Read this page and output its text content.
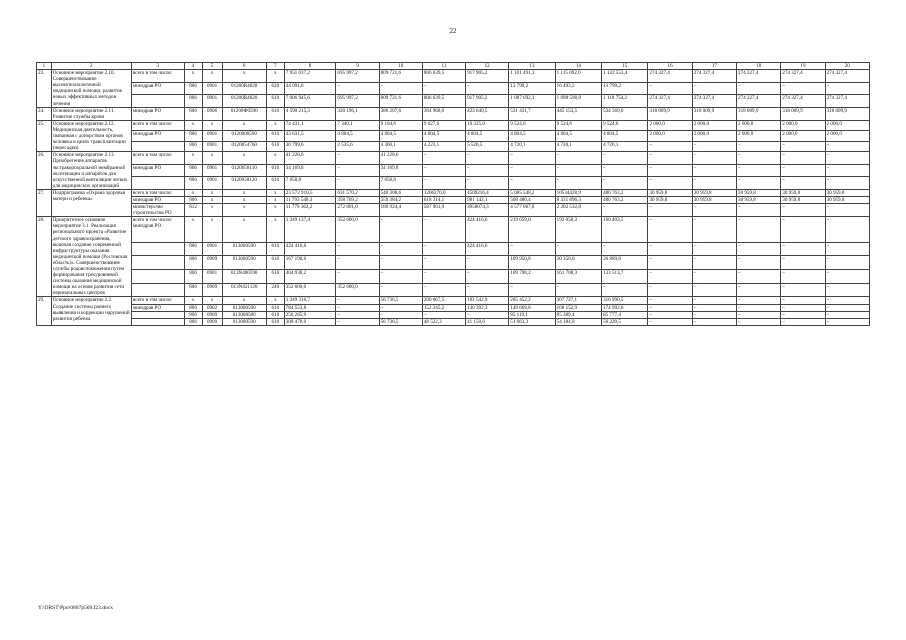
22
1	2	3	4	5	6	7	8	9	10	11	12	13	14	15	16	17	18	19	20
23.	Основное мероприятие 2.10. Совершенствование высокотехнологичной медицинской помощи, развитие новых эффективных методов лечения	всего в том числе:	х	х	х	х	7 951 037,2	695 997,2	809 721,6	806 639,5	917 905,2	1 101 491,3	1 115 092,0	1 132 553,4	274 327,4	274 327,4	274 327,4	274 327,4	274 327,4
		минздрав РО	806	0901	01200R4020	620	44 091,6	–	–	–	–	13 799,2	16 493,2	13 799,2	–	–	–	–	–
			806	0901	01200R4020	610	7 906 945,6	695 997,2	809 721,6	806 639,5	917 905,2	1 087 692,1	1 098 598,8	1 118 754,2	274 327,4	274 327,4	274 327,4	274 327,4	274 327,4
24.	Основное мероприятие 2.11. Развитие службы крови	минздрав РО	806	0906	01200Ф0590	610	4 590 215,3	320 196,1	386 207,6	364 968,0	423 640,5	531 431,7	445 153,5	534 569,0	318 009,9	318 009,9	318 009,9	318 009,9	318 009,9
25.	Основное мероприятие 2.12. Медицинская деятельность, связанная с донорством органов человека в целях трансплантации (пересадки)	всего в том числе:	х	х	х	х	74 431,1	7 340,1	9 164,6	9 027,6	10 325,0	9 524,6	9 524,6	9 524,6	2 000,0	2 000,0	2 000,0	2 000,0	2 000,0
		минздрав РО	806	0901	0120000590	610	43 631,5	4 804,5	4 804,5	4 804,5	4 804,5	4 804,5	4 804,5	4 804,5	2 000,0	2 000,0	2 000,0	2 000,0	2 000,0
			806	0901	0120054760	610	30 799,6	2 535,6	4 360,1	4 223,1	5 520,5	4 720,1	4 720,1	4 720,1	–	–	–	–	–
26.	Основное мероприятие 2.13. Приобретение аппаратов экстракорпоральной мембранной оксигенации и аппаратов для искусственной вентиляции легких для медицинских организаций	всего в том числе:	х	х	х	х	41 228,6	–	41 228,6	–	–	–	–	–	–	–	–	–	–
		минздрав РО	806	0901	0120058110	610	34 169,8	–	34 169,8	–	–	–	–	–	–	–	–	–	–
			806	0901	0120058120	610	7 058,8	–	7 058,8	–	–	–	–	–	–	–	–	–	–
27.	Подпрограмма «Охрана здоровья матери и ребенка»	всего в том числе:	х	х	х	х	23 572 910,5	631 570,2	540 308,6	1206270,0	4509216,4	5 085 548,2	10534428,9	480 763,2	30 959,8	30 959,8	30 959,8	30 959,8	30 959,8
		минздрав РО	806	х	х	х	11 793 548,3	358 769,2	359 384,2	618 314,1	981 142,1	508 480,4	8 331 896,3	480 763,2	30 959,8	30 959,8	30 959,8	30 959,8	30 959,8
		министерство строительства РО	812	х	х	х	11 779 362,2	272 801,0	180 924,4	587 961,9	3958074,3	4 577 067,8	2 202 532,8	–	–	–	–	–	–
28.	Приоритетное основное мероприятие 3.1. Реализация регионального проекта «Развитие детского здравоохранения, включая создание современной инфраструктуры оказания медицинской помощи (Ростовская область)». Совершенствование службы родовспоможения путем формирования трехуровневой системы оказания медицинской помощи на основе развития сети перинатальных центров	всего в том числе: минздрав РО	х	х	х	х	1 349 137,4	352 600,0	–	–	424 416,6	219 659,0	192 058,3	160 403,5	–	–	–	–	–
			806	0901	013000590	610	424 416,6	–	–	–	424 416,6	–	–	–	–	–	–	–	–
			806	0909	013000590	610	167 190,6	–	–	–	–	109 950,8	30 350,0	26 889,8	–	–	–	–	–
			806	0901	013N400590	610	404 930,2	–	–	–	–	109 708,2	161 708,3	133 513,7	–	–	–	–	–
			806	0909	013N421120	240	352 600,0	352 600,0	–	–	–	–	–	–	–	–	–	–	–
29.	Основное мероприятие 3.2. Создание системы раннего выявления и коррекции нарушений развития ребенка	всего в том числе:	х	х	х	х	1 349 316,7	–	56 736,5	200 867,5	181 542,9	285 452,2	307 727,1	316 990,5	–	–	–	–	–
		минздрав РО	806	0902	013000590	610	784 553,8	–	–	152 345,2	140 392,3	148 669,8	168 152,9	174 992,6	–	–	–	–	–
			806	0909	013008580	610	256 285,9	–	–	–	–	85 119,1	85 389,4	85 777,4	–	–	–	–	–
			806	0909	013000590	610	308 478,0	–	56 736,5	48 522,3	41 150,6	51 663,3	54 184,8	56 220,5	–	–	–	–	–
Y:\ORST\Ppo\0807p569.f23.docx
